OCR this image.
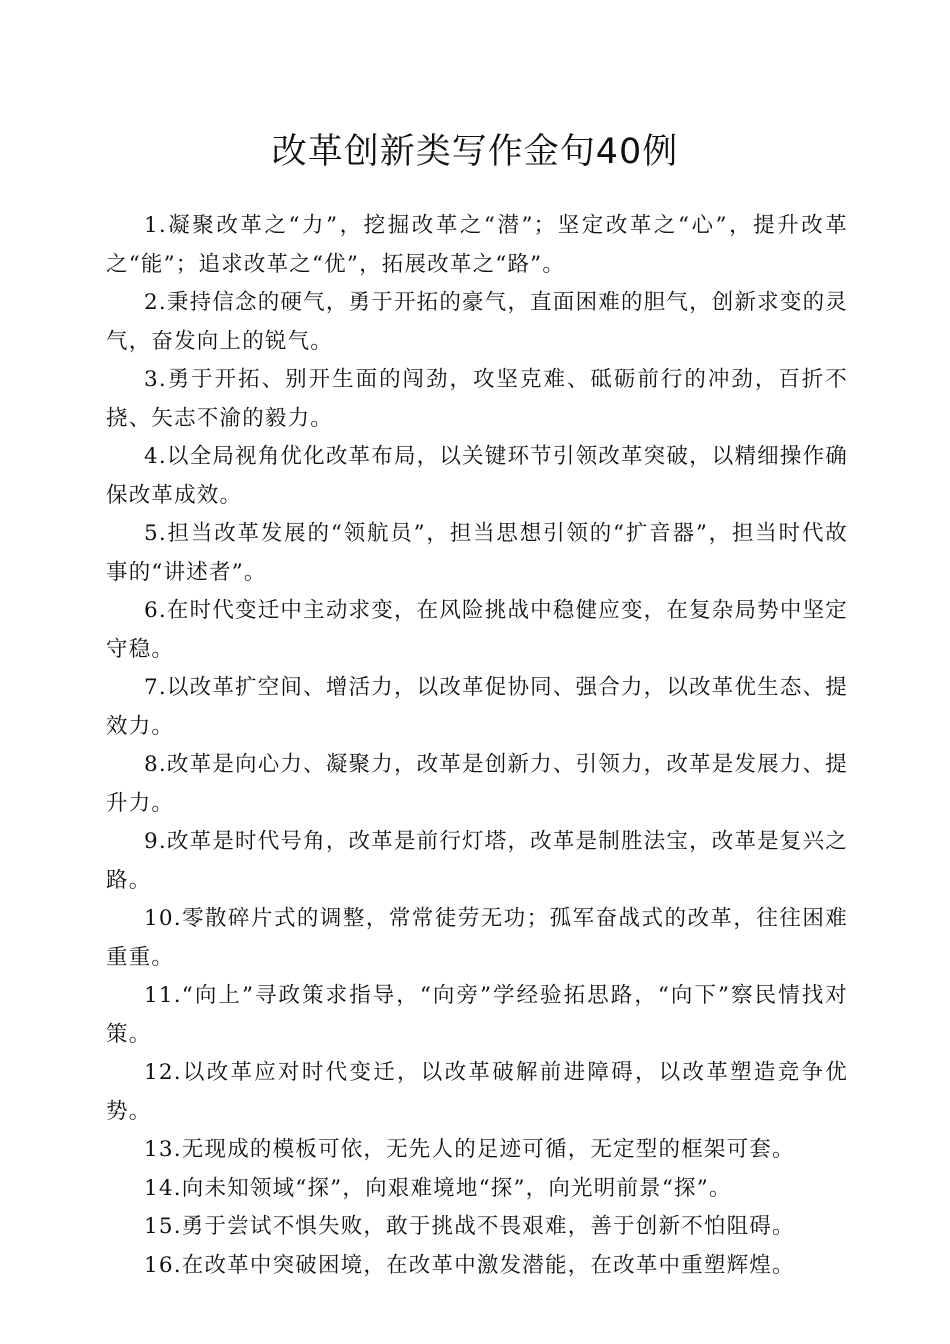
改革创新类写作金句40例

1.凝聚改革之“力”，挖掘改革之“潜”；坚定改革之“心”，提升改革之“能”；追求改革之“优”，拓展改革之“路”。

2.秉持信念的硬气，勇于开拓的豪气，直面困难的胆气，创新求变的灵气，奋发向上的锐气。

3.勇于开拓、别开生面的闯劲，攻坚克难、砥砺前行的冲劲，百折不挠、矢志不渝的毅力。

4.以全局视角优化改革布局，以关键环节引领改革突破，以精细操作确保改革成效。

5.担当改革发展的“领航员”，担当思想引领的“扩音器”，担当时代故事的“讲述者”。

6.在时代变迁中主动求变，在风险挑战中稳健应变，在复杂局势中坚定守稳。

7.以改革扩空间、增活力，以改革促协同、强合力，以改革优生态、提效力。

8.改革是向心力、凝聚力，改革是创新力、引领力，改革是发展力、提升力。

9.改革是时代号角，改革是前行灯塔，改革是制胜法宝，改革是复兴之路。

10.零散碎片式的调整，常常徒劳无功；孤军奋战式的改革，往往困难重重。

11.“向上”寻政策求指导，“向旁”学经验拓思路，“向下”察民情找对策。

12.以改革应对时代变迁，以改革破解前进障碍，以改革塑造竞争优势。

13.无现成的模板可依，无先人的足迹可循，无定型的框架可套。

14.向未知领域“探”，向艰难境地“探”，向光明前景“探”。

15.勇于尝试不惧失败，敢于挑战不畏艰难，善于创新不怕阻碍。

16.在改革中突破困境，在改革中激发潜能，在改革中重塑辉煌。
